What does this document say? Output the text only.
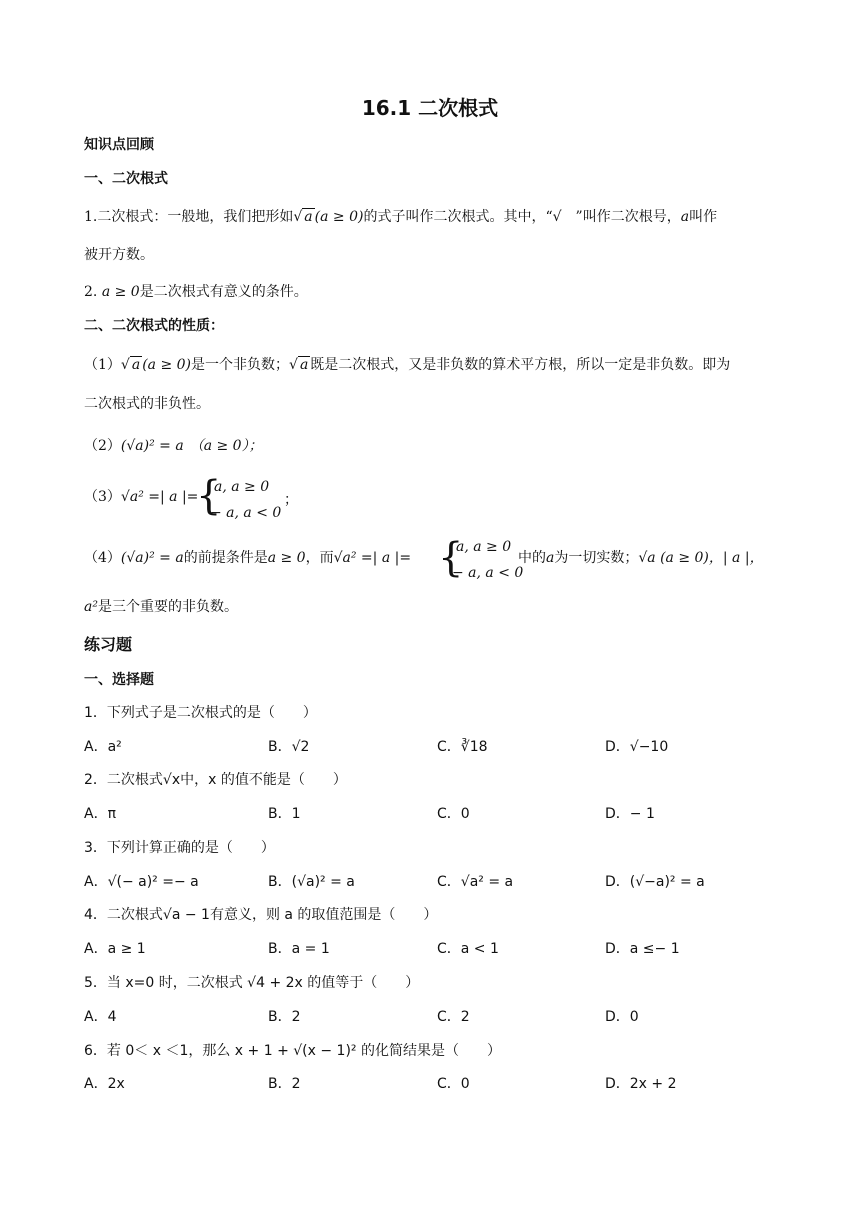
16.1 二次根式
知识点回顾
一、二次根式
1.二次根式：一般地，我们把形如√ a (a ≥ 0)的式子叫作二次根式。其中，“√ ”叫作二次根号，a叫作
被开方数。
2. a ≥ 0是二次根式有意义的条件。
二、二次根式的性质：
（1）√ a (a ≥ 0)是一个非负数；√ a 既是二次根式，又是非负数的算术平方根，所以一定是非负数。即为
二次根式的非负性。
（2）(√a)² = a （a ≥ 0）；
（3）√a² =| a |=
{
a, a ≥ 0
− a, a < 0
；
（4）(√a)² = a的前提条件是a ≥ 0，而√a² =| a |= {
a, a ≥ 0
− a, a < 0
中的a为一切实数；√a (a ≥ 0)，| a |，
a²是三个重要的非负数。
练习题
一、选择题
1．下列式子是二次根式的是（　　）
A．a²	B．√2	C．∛18	D．√−10
2．二次根式√x中，x 的值不能是（　　）
A．π	B．1	C．0	D．− 1
3．下列计算正确的是（　　）
A．√(− a)² =− a	B．(√a)² = a	C．√a² = a	D．(√−a)² = a
4．二次根式√a − 1有意义，则 a 的取值范围是（　　）
A．a ≥ 1	B．a = 1	C．a < 1	D．a ≤− 1
5．当 x=0 时，二次根式 √4 + 2x 的值等于（　　）
A．4	B．2	C．2	D．0
6．若 0＜ x ＜1，那么 x + 1 + √(x − 1)² 的化简结果是（　　）
A．2x	B．2	C．0	D．2x + 2
